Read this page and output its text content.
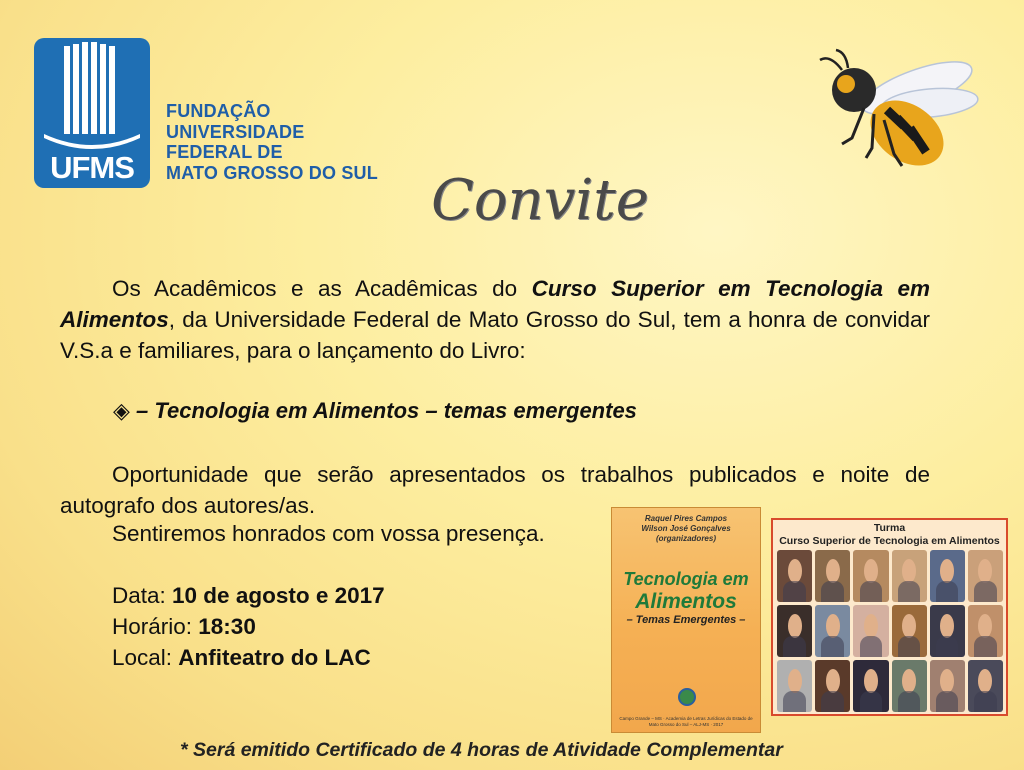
UFMS
FUNDAÇÃO
UNIVERSIDADE
FEDERAL DE
MATO GROSSO DO SUL Convite
Os Acadêmicos e as Acadêmicas do Curso Superior em Tecnologia em Alimentos, da Universidade Federal de Mato Grosso do Sul, tem a honra de convidar V.S.a e familiares, para o lançamento do Livro:
◈ – Tecnologia em Alimentos – temas emergentes
Oportunidade que serão apresentados os trabalhos publicados e noite de autografo dos autores/as.
Sentiremos honrados com vossa presença.
Data: 10 de agosto e 2017
Horário: 18:30
Local: Anfiteatro do LAC
Raquel Pires Campos
Wilson José Gonçalves
(organizadores)
Tecnologia em
Alimentos
– Temas Emergentes –
Campo Grande – MS · Academia de Letras Jurídicas do Estado de Mato Grosso do Sul – ALJ-MS · 2017
Turma
Curso Superior de Tecnologia em Alimentos
* Será emitido Certificado de 4 horas de Atividade Complementar
